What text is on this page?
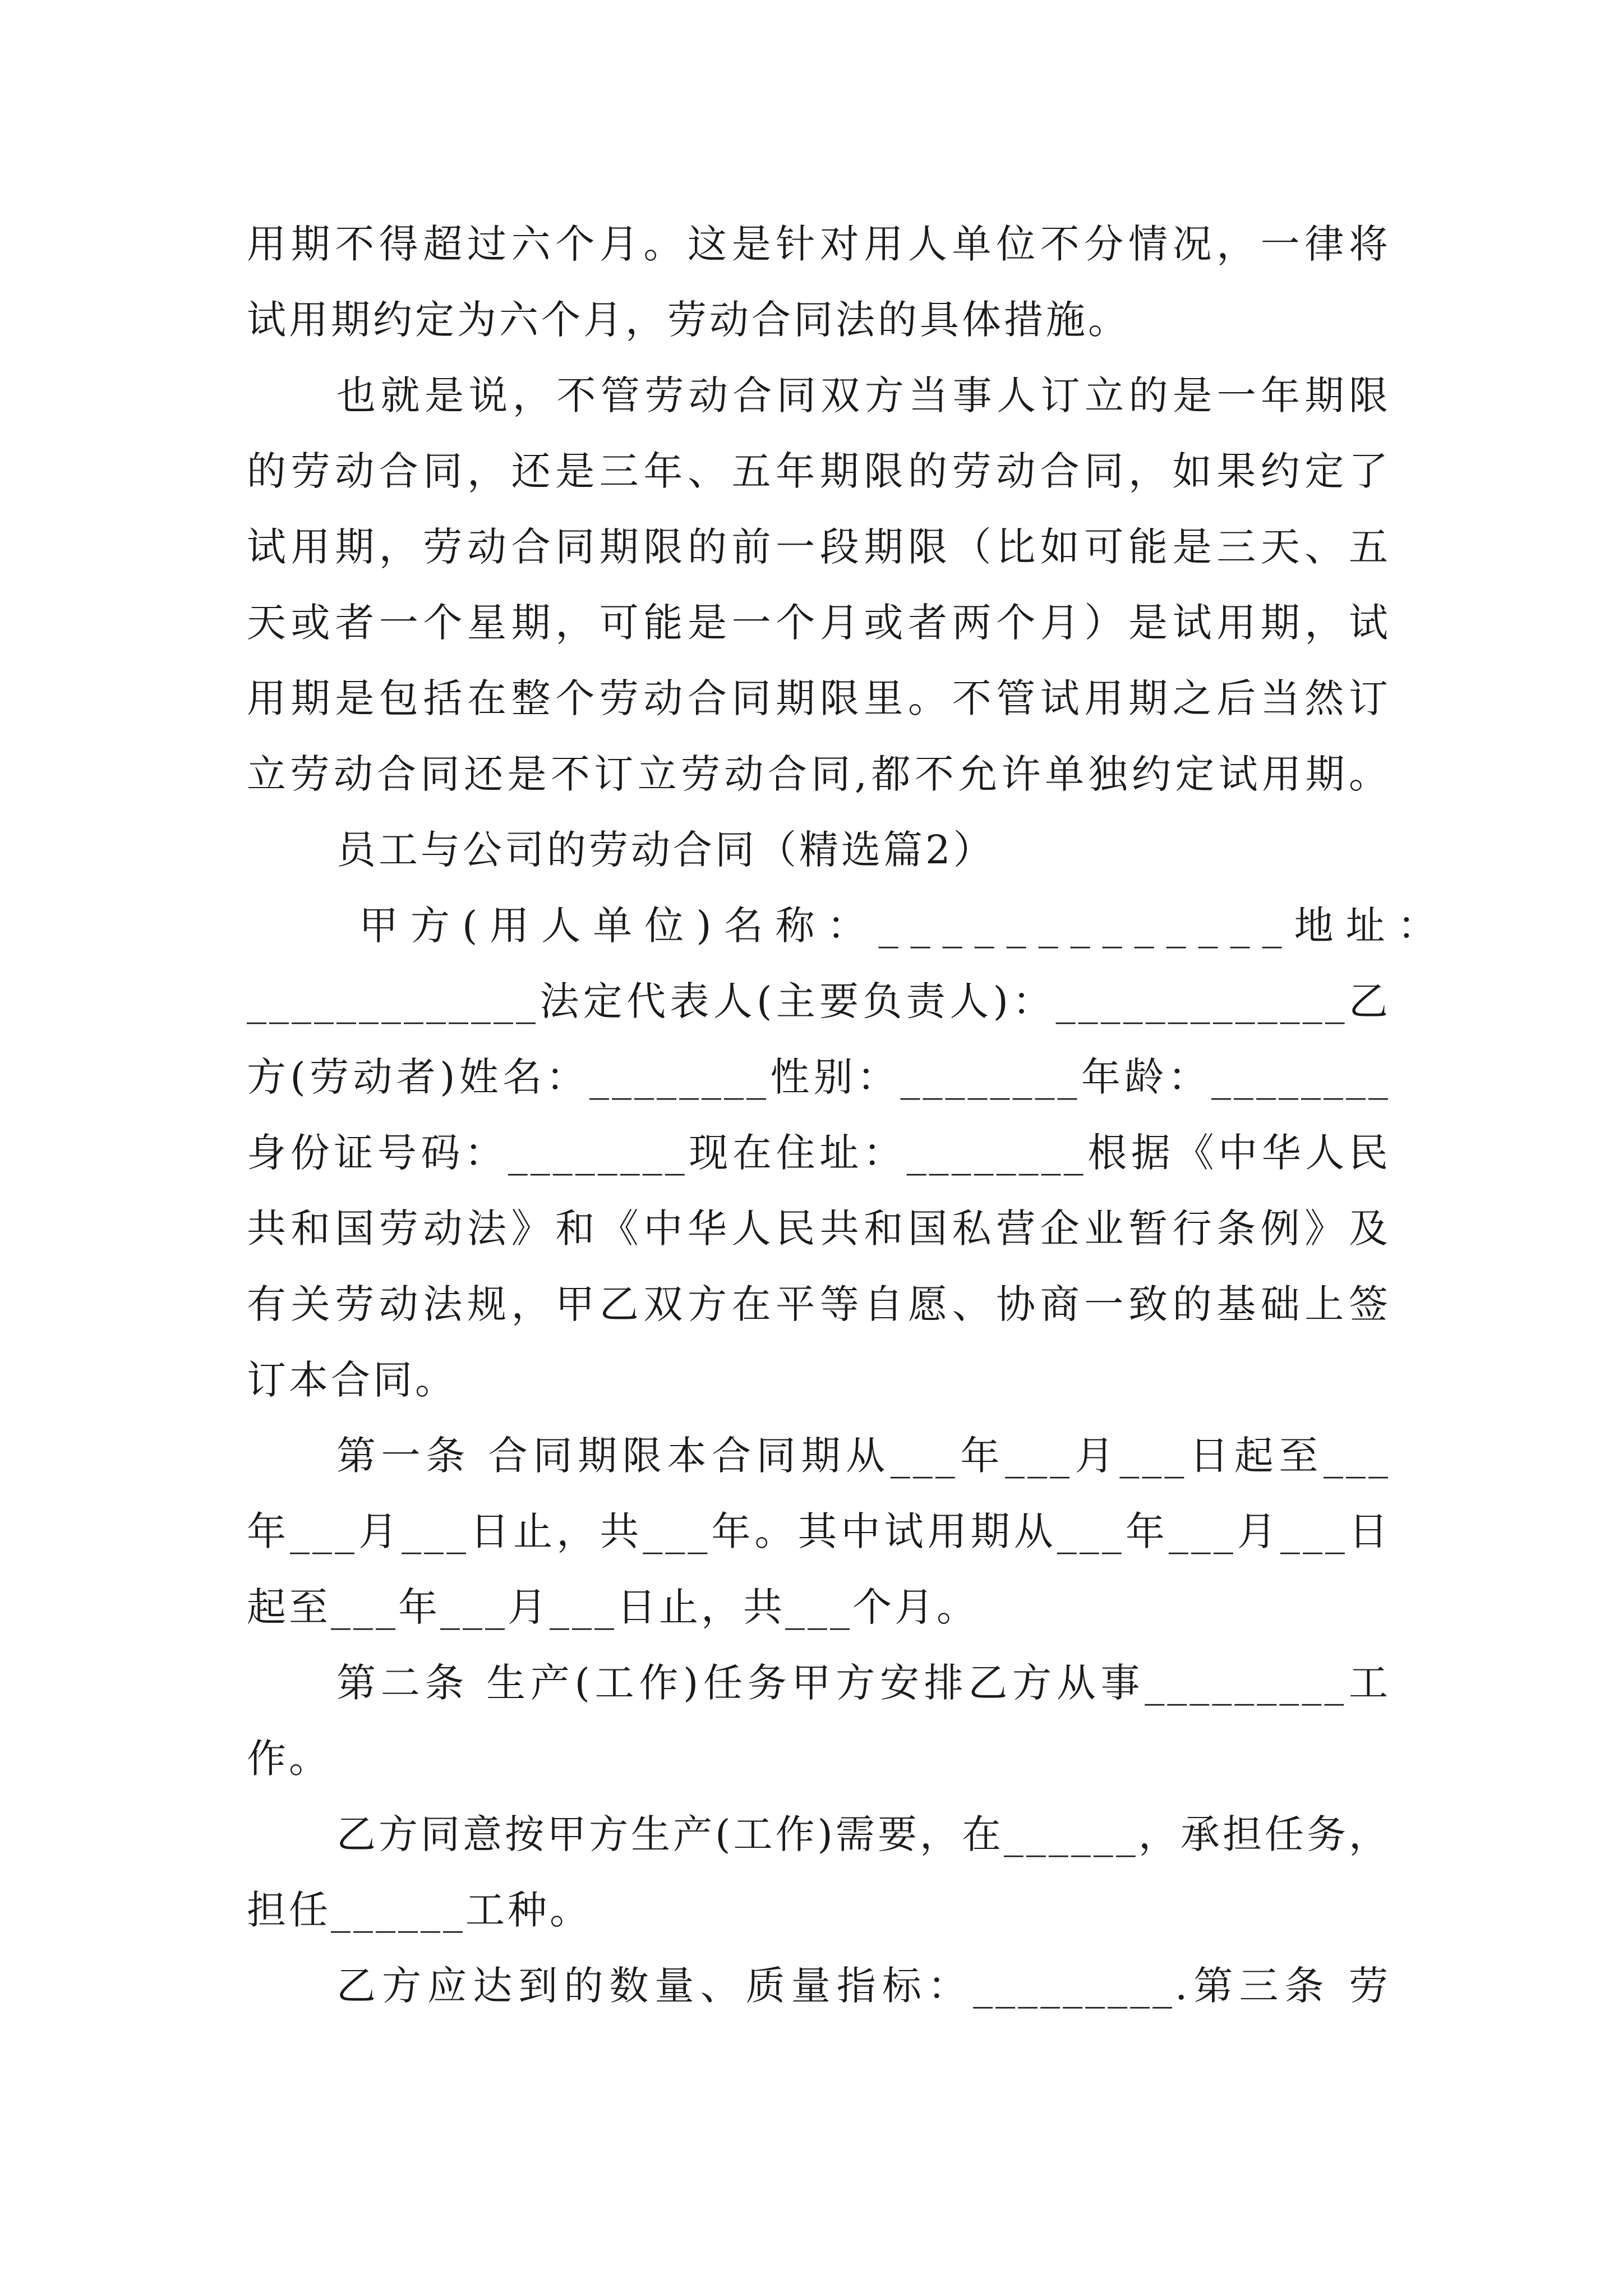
用期不得超过六个月。这是针对用人单位不分情况，一律将
试用期约定为六个月，劳动合同法的具体措施。
也就是说，不管劳动合同双方当事人订立的是一年期限
的劳动合同，还是三年、五年期限的劳动合同，如果约定了
试用期，劳动合同期限的前一段期限（比如可能是三天、五
天或者一个星期，可能是一个月或者两个月）是试用期，试
用期是包括在整个劳动合同期限里。不管试用期之后当然订
立劳动合同还是不订立劳动合同,都不允许单独约定试用期。
员工与公司的劳动合同（精选篇2）
甲方(用人单位)名称：_____________地址：
_____________法定代表人(主要负责人)：_____________乙
方(劳动者)姓名：________性别：________年龄：________
身份证号码：________现在住址：________根据《中华人民
共和国劳动法》和《中华人民共和国私营企业暂行条例》及
有关劳动法规，甲乙双方在平等自愿、协商一致的基础上签
订本合同。
第一条 合同期限本合同期从___年___月___日起至___
年___月___日止，共___年。其中试用期从___年___月___日
起至___年___月___日止，共___个月。
第二条 生产(工作)任务甲方安排乙方从事_________工
作。
乙方同意按甲方生产(工作)需要，在______，承担任务，
担任______工种。
乙方应达到的数量、质量指标：_________.第三条 劳
